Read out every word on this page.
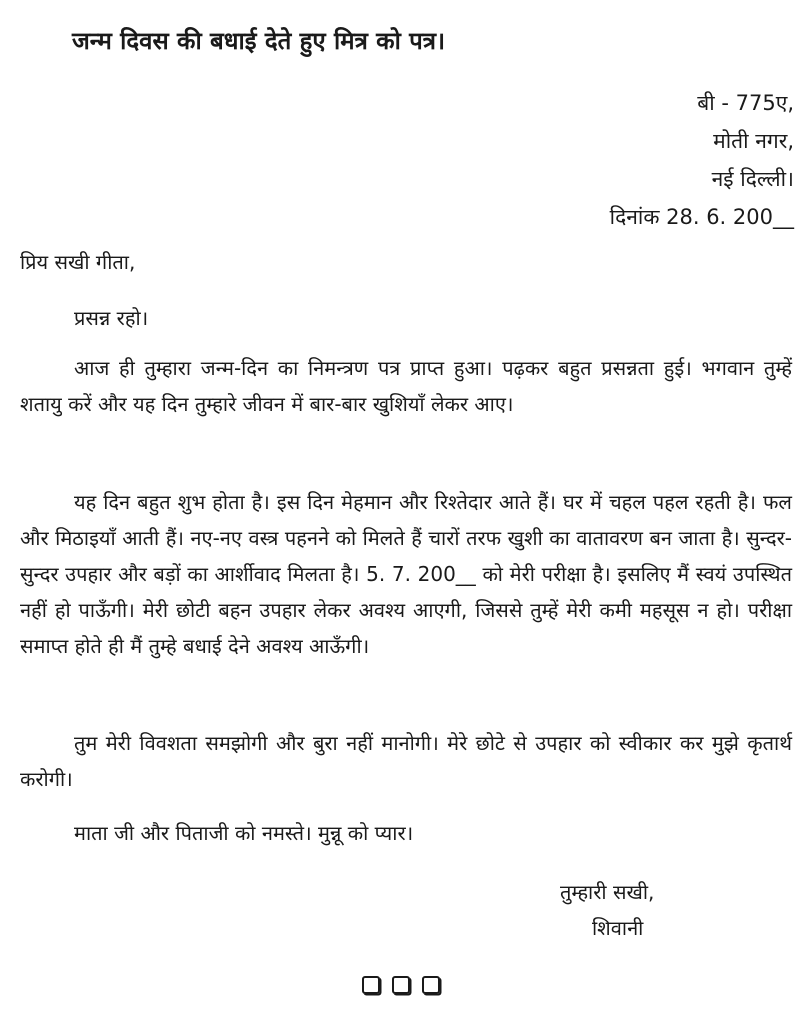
जन्म दिवस की बधाई देते हुए मित्र को पत्र।
बी - 775ए,
मोती नगर,
नई दिल्ली।
दिनांक 28. 6. 200__

प्रिय सखी गीता,

प्रसन्न रहो।

आज ही तुम्हारा जन्म-दिन का निमन्त्रण पत्र प्राप्त हुआ। पढ़कर बहुत प्रसन्नता हुई। भगवान तुम्हें शतायु करें और यह दिन तुम्हारे जीवन में बार-बार खुशियाँ लेकर आए।

यह दिन बहुत शुभ होता है। इस दिन मेहमान और रिश्तेदार आते हैं। घर में चहल पहल रहती है। फल और मिठाइयाँ आती हैं। नए-नए वस्त्र पहनने को मिलते हैं चारों तरफ खुशी का वातावरण बन जाता है। सुन्दर-सुन्दर उपहार और बड़ों का आर्शीवाद मिलता है। 5. 7. 200__ को मेरी परीक्षा है। इसलिए मैं स्वयं उपस्थित नहीं हो पाऊँगी। मेरी छोटी बहन उपहार लेकर अवश्य आएगी, जिससे तुम्हें मेरी कमी महसूस न हो। परीक्षा समाप्त होते ही मैं तुम्हे बधाई देने अवश्य आऊँगी।

तुम मेरी विवशता समझोगी और बुरा नहीं मानोगी। मेरे छोटे से उपहार को स्वीकार कर मुझे कृतार्थ करोगी।

माता जी और पिताजी को नमस्ते। मुन्नू को प्यार।

तुम्हारी सखी,
शिवानी
